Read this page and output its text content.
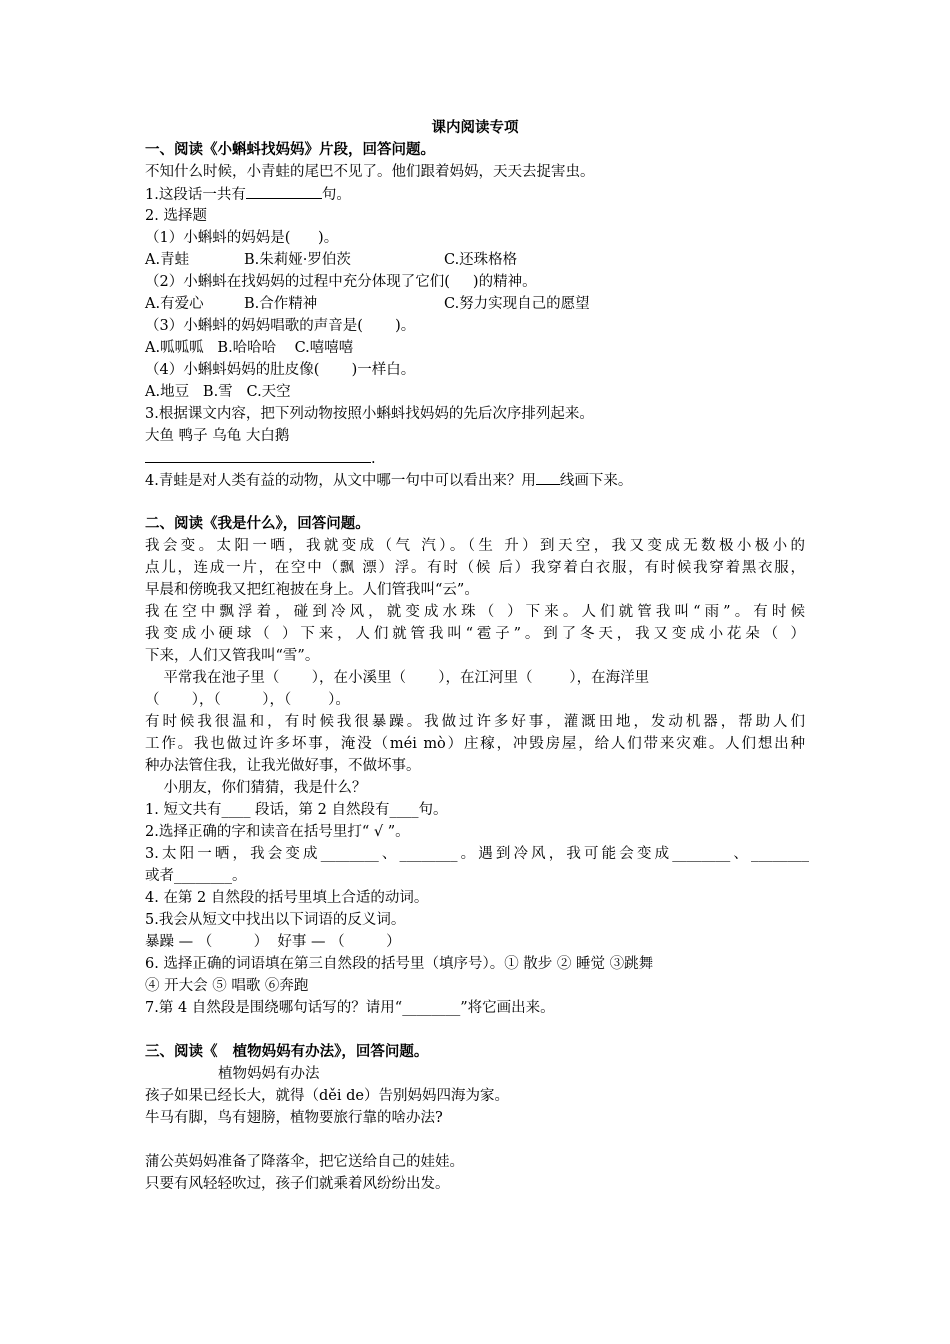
课内阅读专项
一、阅读《小蝌蚪找妈妈》片段，回答问题。
不知什么时候，小青蛙的尾巴不见了。他们跟着妈妈，天天去捉害虫。
1.这段话一共有	句。
2. 选择题
（1）小蝌蚪的妈妈是(      )。
A.青蛙	B.朱莉娅·罗伯茨	C.还珠格格
（2）小蝌蚪在找妈妈的过程中充分体现了它们(     )的精神。
A.有爱心	B.合作精神	C.努力实现自己的愿望
（3）小蝌蚪的妈妈唱歌的声音是(       )。
A.呱呱呱   B.哈哈哈    C.嘻嘻嘻
（4）小蝌蚪妈妈的肚皮像(       )一样白。
A.地豆   B.雪   C.天空
3.根据课文内容，把下列动物按照小蝌蚪找妈妈的先后次序排列起来。
大鱼 鸭子 乌龟 大白鹅
.
4.青蛙是对人类有益的动物，从文中哪一句中可以看出来？用 线画下来。
二、阅读《我是什么》，回答问题。
我会变。太阳一晒，我就变成（气 汽）。（生 升）到天空，我又变成无数极小极小的
点儿，连成一片，在空中（飘 漂）浮。有时（候 后）我穿着白衣服，有时候我穿着黑衣服，
早晨和傍晚我又把红袍披在身上。人们管我叫“云”。
我在空中飘浮着，碰到冷风，就变成水珠（ ）下来。人们就管我叫“雨”。有时候
我变成小硬球（ ）下来，人们就管我叫“雹子”。到了冬天，我又变成小花朵（ ）
下来，人们又管我叫“雪”。
平常我在池子里（       ），在小溪里（       ），在江河里（        ），在海洋里
（       ），（         ），（        ）。
有时候我很温和，有时候我很暴躁。我做过许多好事，灌溉田地，发动机器，帮助人们
工作。我也做过许多坏事，淹没（méi mò）庄稼，冲毁房屋，给人们带来灾难。人们想出种
种办法管住我，让我光做好事，不做坏事。
小朋友，你们猜猜，我是什么？
1. 短文共有____ 段话，第 2 自然段有____句。
2.选择正确的字和读音在括号里打“ √ ”。
3.太阳一晒，我会变成________、________。遇到冷风，我可能会变成________、________
或者________。
4. 在第 2 自然段的括号里填上合适的动词。
5.我会从短文中找出以下词语的反义词。
暴躁 — （         ）  好事 — （         ）
6. 选择正确的词语填在第三自然段的括号里（填序号）。① 散步 ② 睡觉 ③跳舞
④ 开大会 ⑤ 唱歌 ⑥奔跑
7.第 4 自然段是围绕哪句话写的？请用“________”将它画出来。
三、阅读《   植物妈妈有办法》，回答问题。
植物妈妈有办法
孩子如果已经长大，就得（děi de）告别妈妈四海为家。
牛马有脚，鸟有翅膀，植物要旅行靠的啥办法?
蒲公英妈妈准备了降落伞，把它送给自己的娃娃。
只要有风轻轻吹过，孩子们就乘着风纷纷出发。
